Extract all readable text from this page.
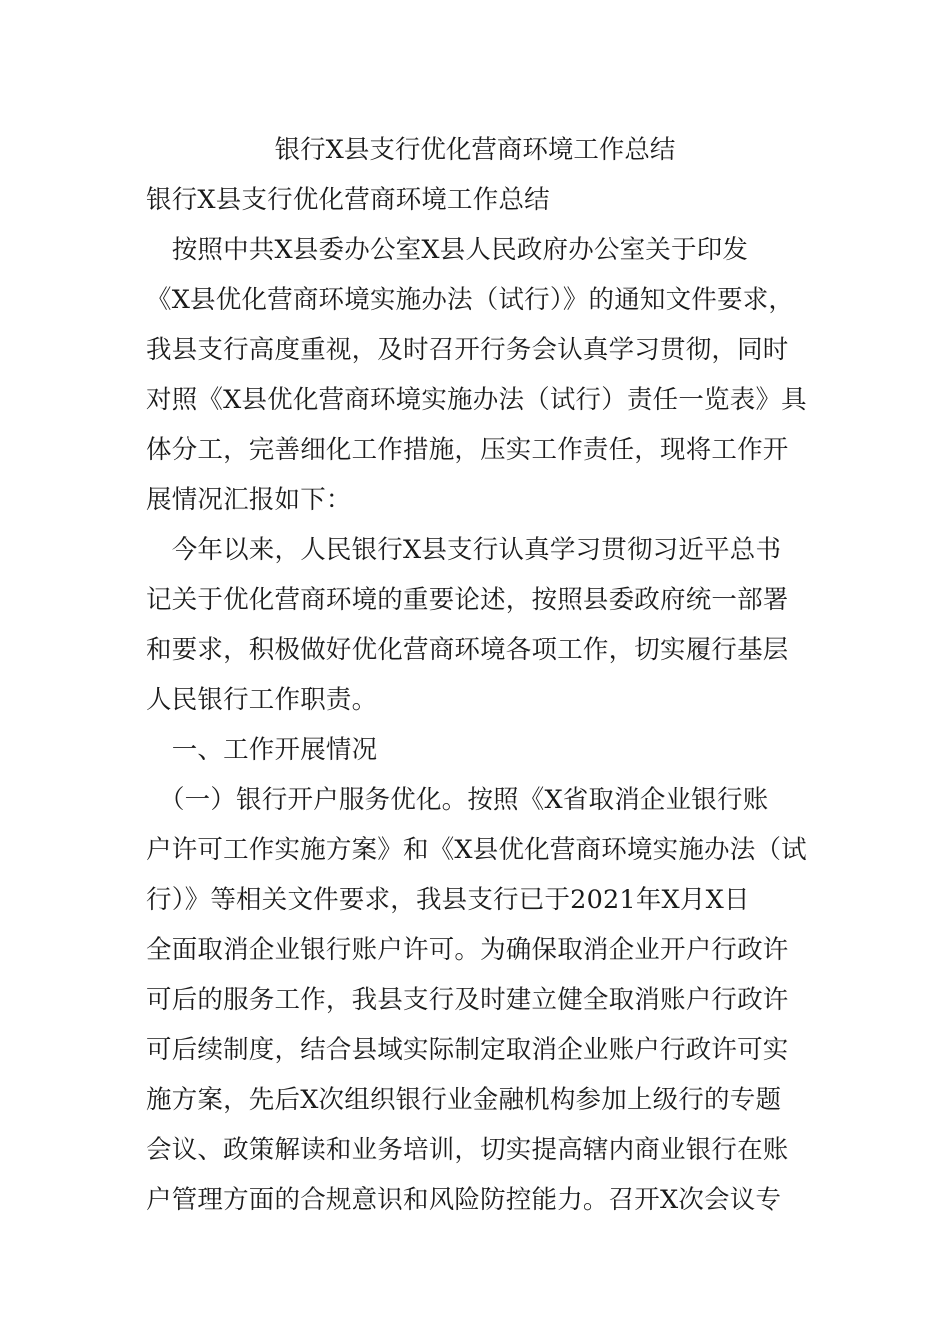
银行X县支行优化营商环境工作总结
银行X县支行优化营商环境工作总结
　按照中共X县委办公室X县人民政府办公室关于印发
《X县优化营商环境实施办法（试行）》的通知文件要求，
我县支行高度重视，及时召开行务会认真学习贯彻，同时
对照《X县优化营商环境实施办法（试行）责任一览表》具
体分工，完善细化工作措施，压实工作责任，现将工作开
展情况汇报如下：
　今年以来，人民银行X县支行认真学习贯彻习近平总书
记关于优化营商环境的重要论述，按照县委政府统一部署
和要求，积极做好优化营商环境各项工作，切实履行基层
人民银行工作职责。
　一、工作开展情况
　（一）银行开户服务优化。按照《X省取消企业银行账
户许可工作实施方案》和《X县优化营商环境实施办法（试
行）》等相关文件要求，我县支行已于2021年X月X日
全面取消企业银行账户许可。为确保取消企业开户行政许
可后的服务工作，我县支行及时建立健全取消账户行政许
可后续制度，结合县域实际制定取消企业账户行政许可实
施方案，先后X次组织银行业金融机构参加上级行的专题
会议、政策解读和业务培训，切实提高辖内商业银行在账
户管理方面的合规意识和风险防控能力。召开X次会议专
